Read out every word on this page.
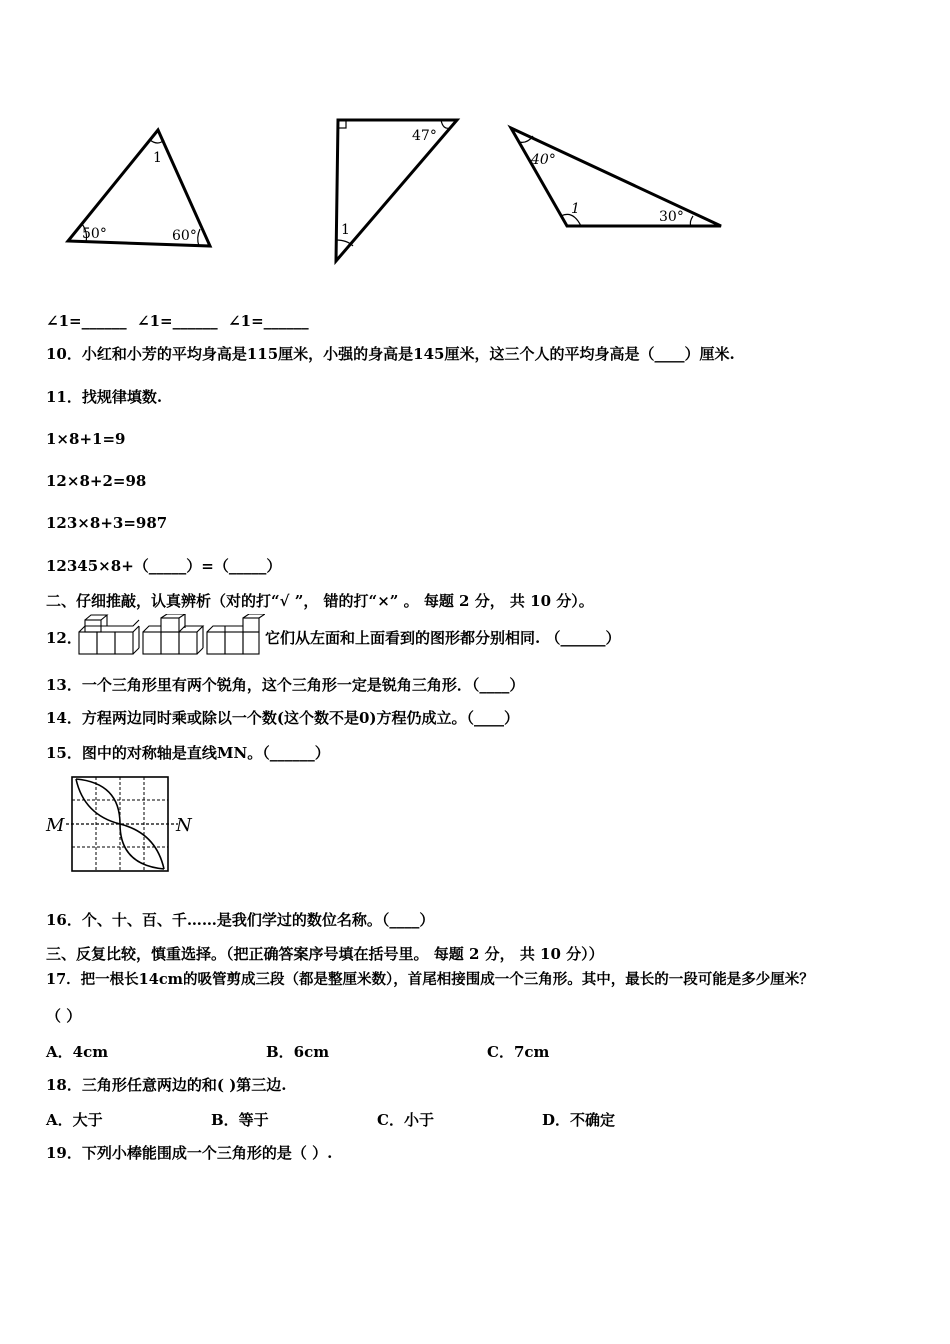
1
50°	60°
47°
1
40°
1	30°
∠1=______ ∠1=______ ∠1=______
10．小红和小芳的平均身高是115厘米，小强的身高是145厘米，这三个人的平均身高是（____）厘米.
11．找规律填数.
1×8+1=9
12×8+2=98
123×8+3=987
12345×8+（_____）=（_____）
二、仔细推敲，认真辨析（对的打“√ ”， 错的打“×” 。 每题 2 分， 共 10 分）。
12．	它们从左面和上面看到的图形都分别相同. （______）
13．一个三角形里有两个锐角，这个三角形一定是锐角三角形．（____）
14．方程两边同时乘或除以一个数(这个数不是0)方程仍成立。（____）
15．图中的对称轴是直线MN。（______）
M	N
16．个、十、百、千……是我们学过的数位名称。（____）
三、反复比较，慎重选择。（把正确答案序号填在括号里。 每题 2 分， 共 10 分））
17．把一根长14cm的吸管剪成三段（都是整厘米数），首尾相接围成一个三角形。其中，最长的一段可能是多少厘米？
（ ）
A．4cm	B．6cm	C．7cm
18．三角形任意两边的和( )第三边.
A．大于	B．等于	C．小于	D．不确定
19．下列小棒能围成一个三角形的是（ ）.
